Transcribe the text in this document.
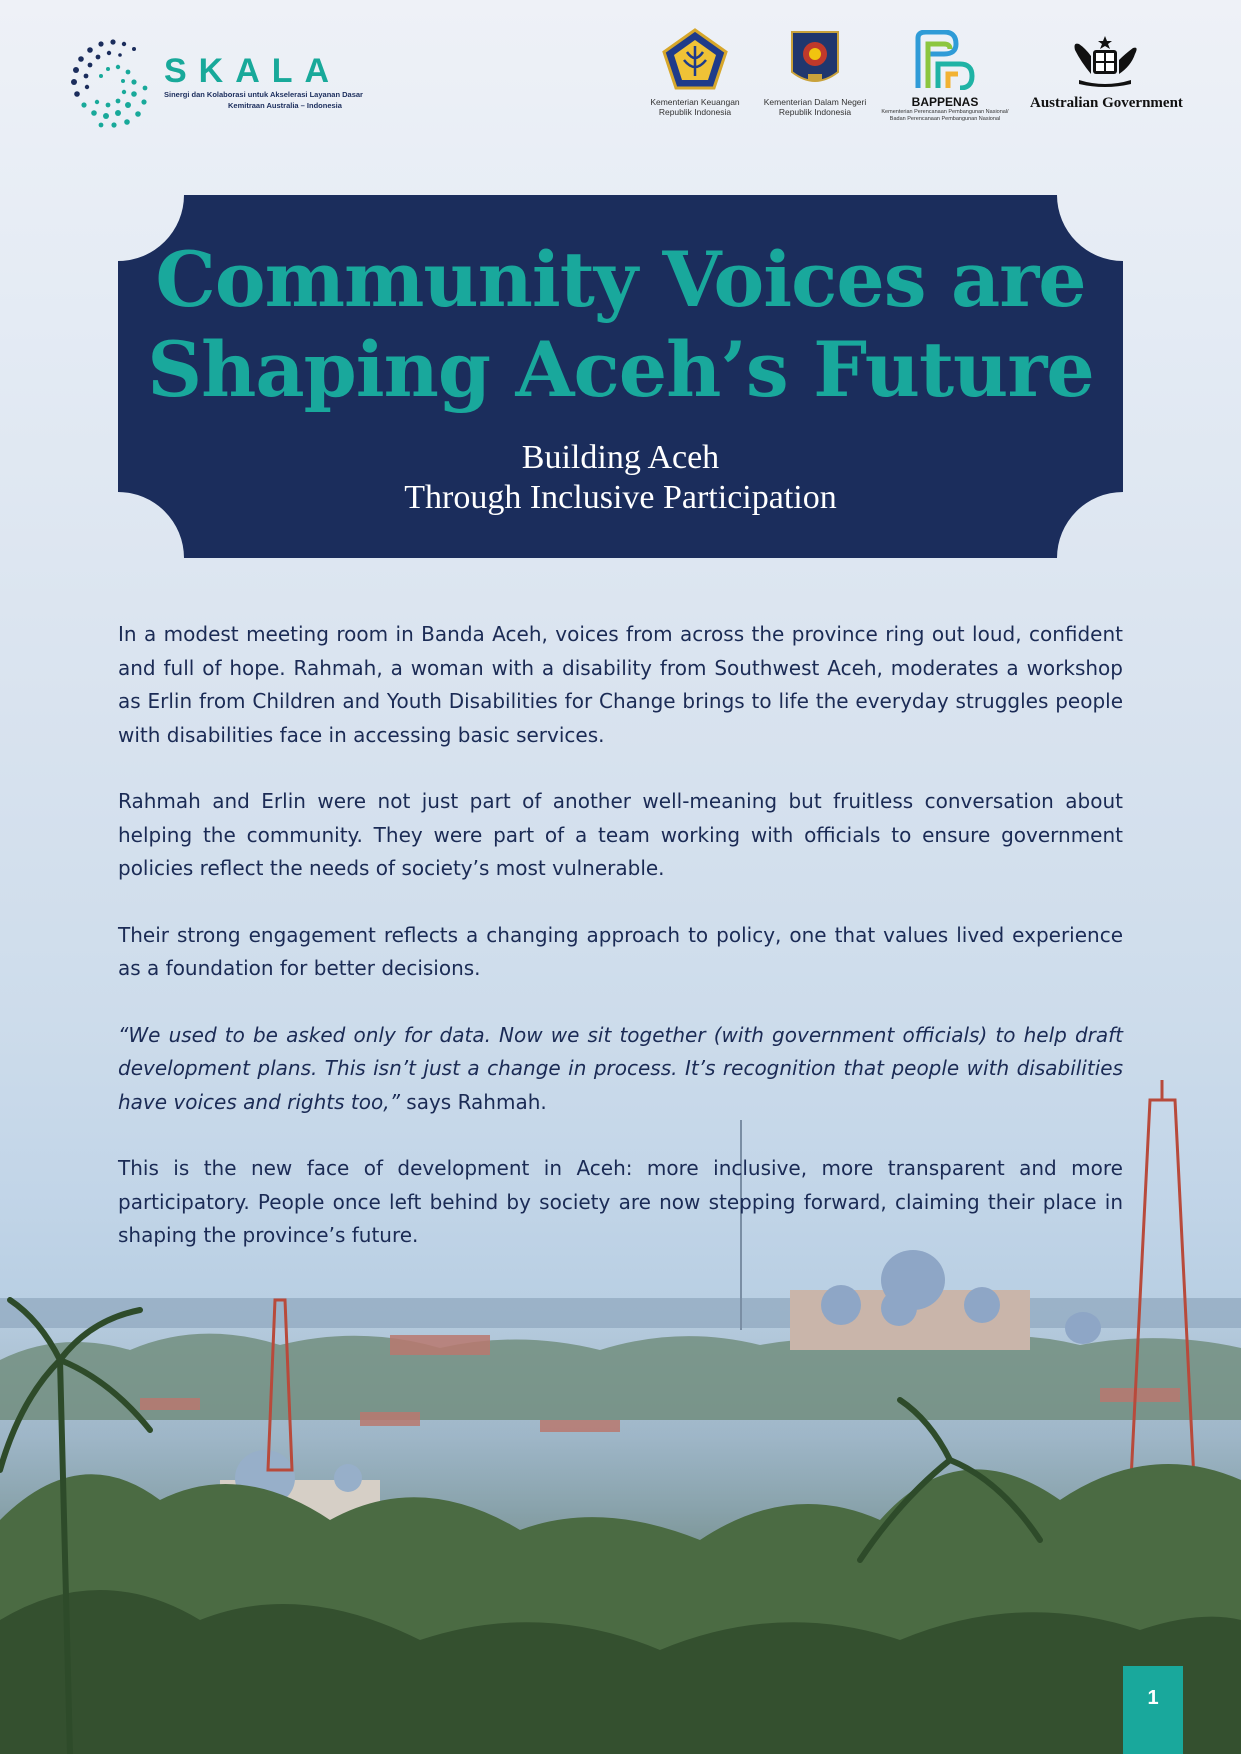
SKALA
Sinergi dan Kolaborasi untuk Akselerasi Layanan Dasar
Kemitraan Australia – Indonesia	Kementerian Keuangan
Republik Indonesia
Kementerian Dalam Negeri
Republik Indonesia
BAPPENAS
Kementerian Perencanaan Pembangunan Nasional/
Badan Perencanaan Pembangunan Nasional
Australian Government
Community Voices are
Shaping Aceh’s Future
Building Aceh
Through Inclusive Participation

In a modest meeting room in Banda Aceh, voices from across the province ring out loud, confident and full of hope. Rahmah, a woman with a disability from Southwest Aceh, moderates a workshop as Erlin from Children and Youth Disabilities for Change brings to life the everyday struggles people with disabilities face in accessing basic services.

Rahmah and Erlin were not just part of another well-meaning but fruitless conversation about helping the community. They were part of a team working with officials to ensure government policies reflect the needs of society’s most vulnerable.

Their strong engagement reflects a changing approach to policy, one that values lived experience as a foundation for better decisions.

“We used to be asked only for data. Now we sit together (with government officials) to help draft development plans. This isn’t just a change in process. It’s recognition that people with disabilities have voices and rights too,” says Rahmah.

This is the new face of development in Aceh: more inclusive, more transparent and more participatory. People once left behind by society are now stepping forward, claiming their place in shaping the province’s future.

1
